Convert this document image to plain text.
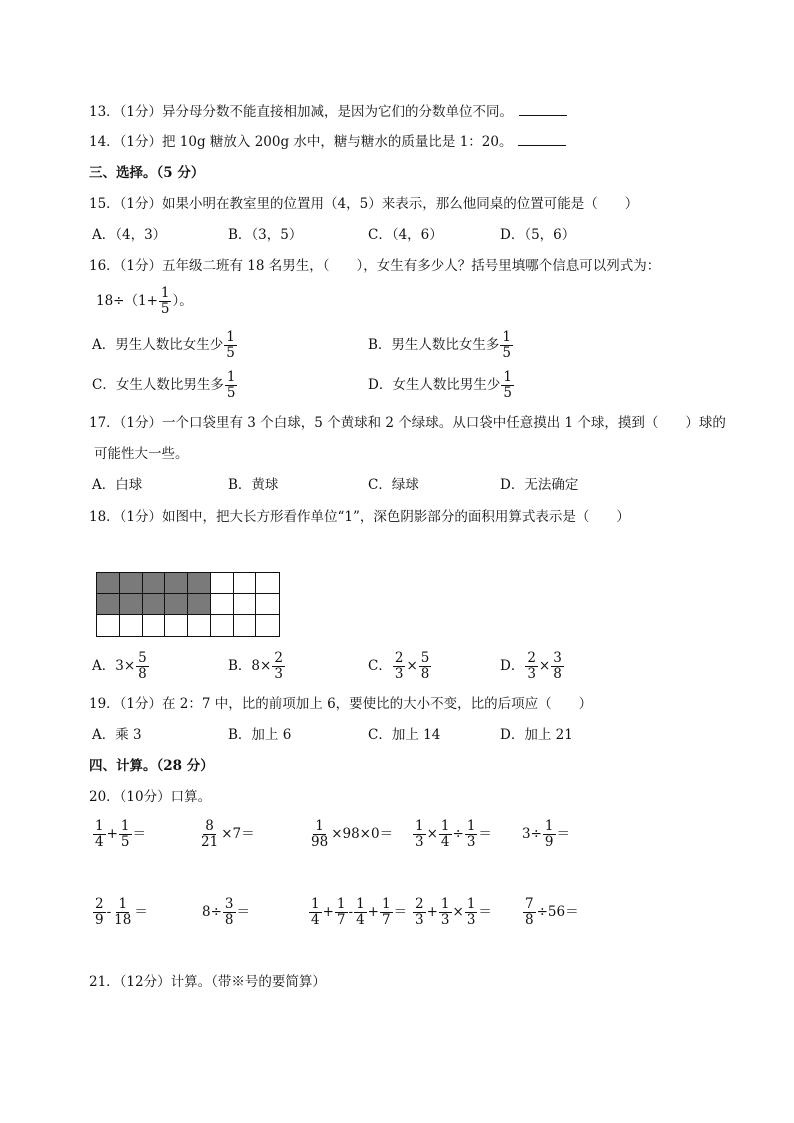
13．（1分）异分母分数不能直接相加减，是因为它们的分数单位不同。
14．（1分）把 10g 糖放入 200g 水中，糖与糖水的质量比是 1：20。
三、选择。（5 分）
15．（1分）如果小明在教室里的位置用（4，5）来表示，那么他同桌的位置可能是（　　）
A．（4，3）	B．（3，5）	C．（4，6）	D．（5，6）
16．（1分）五年级二班有 18 名男生，（　　），女生有多少人？括号里填哪个信息可以列式为：
$18\div(1+ \frac{1}{5}$ ）。
A．男生人数比女生少 $\frac{1}{5}$	B．男生人数比女生多 $\frac{1}{5}$
C．女生人数比男生多 $\frac{1}{5}$	D．女生人数比男生少 $\frac{1}{5}$
17．（1分）一个口袋里有 3 个白球，5 个黄球和 2 个绿球。从口袋中任意摸出 1 个球，摸到（　　）球的
可能性大一些。
A．白球	B．黄球	C．绿球	D．无法确定
18．（1分）如图中，把大长方形看作单位“1”，深色阴影部分的面积用算式表示是（　　）
A．$3\times \frac{5}{8}$	B．$8\times \frac{2}{3}$	C． $\frac{2}{3} \times \frac{5}{8}$	D． $\frac{2}{3} \times \frac{3}{8}$
19．（1分）在 2：7 中，比的前项加上 6，要使比的大小不变，比的后项应（　　）
A．乘 3	B．加上 6	C．加上 14	D．加上 21
四、计算。（28 分）
20．（10分）口算。
$\frac{1}{4} + \frac{1}{5}$ ＝	$\frac{8}{21} \times 7=$	$\frac{1}{98} \times 98\times 0= \frac{1}{3} \times \frac{1}{4} \div \frac{1}{3} = 3\div \frac{1}{9}$ ＝
$\frac{2}{9} - \frac{1}{18}$ ＝	$8\div \frac{3}{8}$ ＝	$\frac{1}{4} + \frac{1}{7} - \frac{1}{4} + \frac{1}{7} = \frac{2}{3} + \frac{1}{3} \times \frac{1}{3} = \frac{7}{8} \div 56=$
21．（12分）计算。（带※号的要简算）
